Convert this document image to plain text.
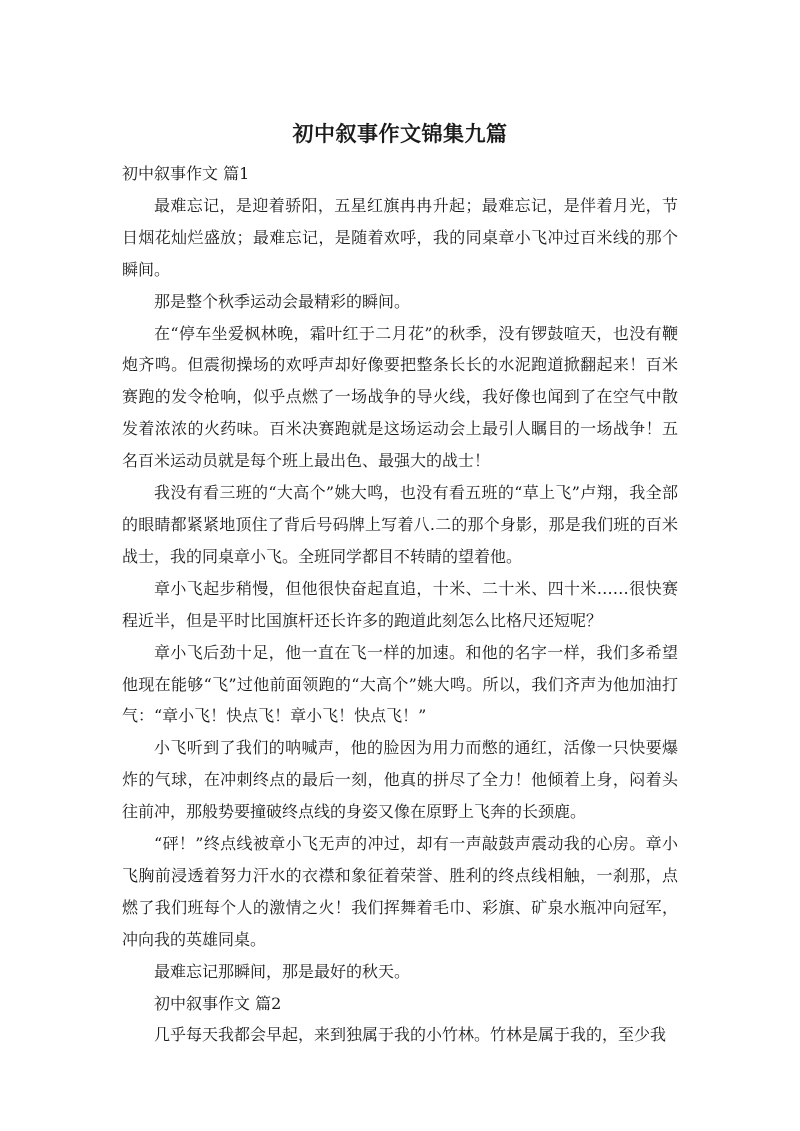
初中叙事作文锦集九篇

初中叙事作文 篇1

最难忘记，是迎着骄阳，五星红旗冉冉升起；最难忘记，是伴着月光，节日烟花灿烂盛放；最难忘记，是随着欢呼，我的同桌章小飞冲过百米线的那个瞬间。

那是整个秋季运动会最精彩的瞬间。

在“停车坐爱枫林晚，霜叶红于二月花”的秋季，没有锣鼓喧天，也没有鞭炮齐鸣。但震彻操场的欢呼声却好像要把整条长长的水泥跑道掀翻起来！百米赛跑的发令枪响，似乎点燃了一场战争的导火线，我好像也闻到了在空气中散发着浓浓的火药味。百米决赛跑就是这场运动会上最引人瞩目的一场战争！五名百米运动员就是每个班上最出色、最强大的战士！

我没有看三班的“大高个”姚大鸣，也没有看五班的“草上飞”卢翔，我全部的眼睛都紧紧地顶住了背后号码牌上写着八.二的那个身影，那是我们班的百米战士，我的同桌章小飞。全班同学都目不转睛的望着他。

章小飞起步稍慢，但他很快奋起直追，十米、二十米、四十米……很快赛程近半，但是平时比国旗杆还长许多的跑道此刻怎么比格尺还短呢？

章小飞后劲十足，他一直在飞一样的加速。和他的名字一样，我们多希望他现在能够“飞”过他前面领跑的“大高个”姚大鸣。所以，我们齐声为他加油打气：“章小飞！快点飞！章小飞！快点飞！”

小飞听到了我们的呐喊声，他的脸因为用力而憋的通红，活像一只快要爆炸的气球，在冲刺终点的最后一刻，他真的拼尽了全力！他倾着上身，闷着头往前冲，那般势要撞破终点线的身姿又像在原野上飞奔的长颈鹿。

“砰！”终点线被章小飞无声的冲过，却有一声敲鼓声震动我的心房。章小飞胸前浸透着努力汗水的衣襟和象征着荣誉、胜利的终点线相触，一刹那，点燃了我们班每个人的激情之火！我们挥舞着毛巾、彩旗、矿泉水瓶冲向冠军，冲向我的英雄同桌。

最难忘记那瞬间，那是最好的秋天。

初中叙事作文 篇2

几乎每天我都会早起，来到独属于我的小竹林。竹林是属于我的，至少我
